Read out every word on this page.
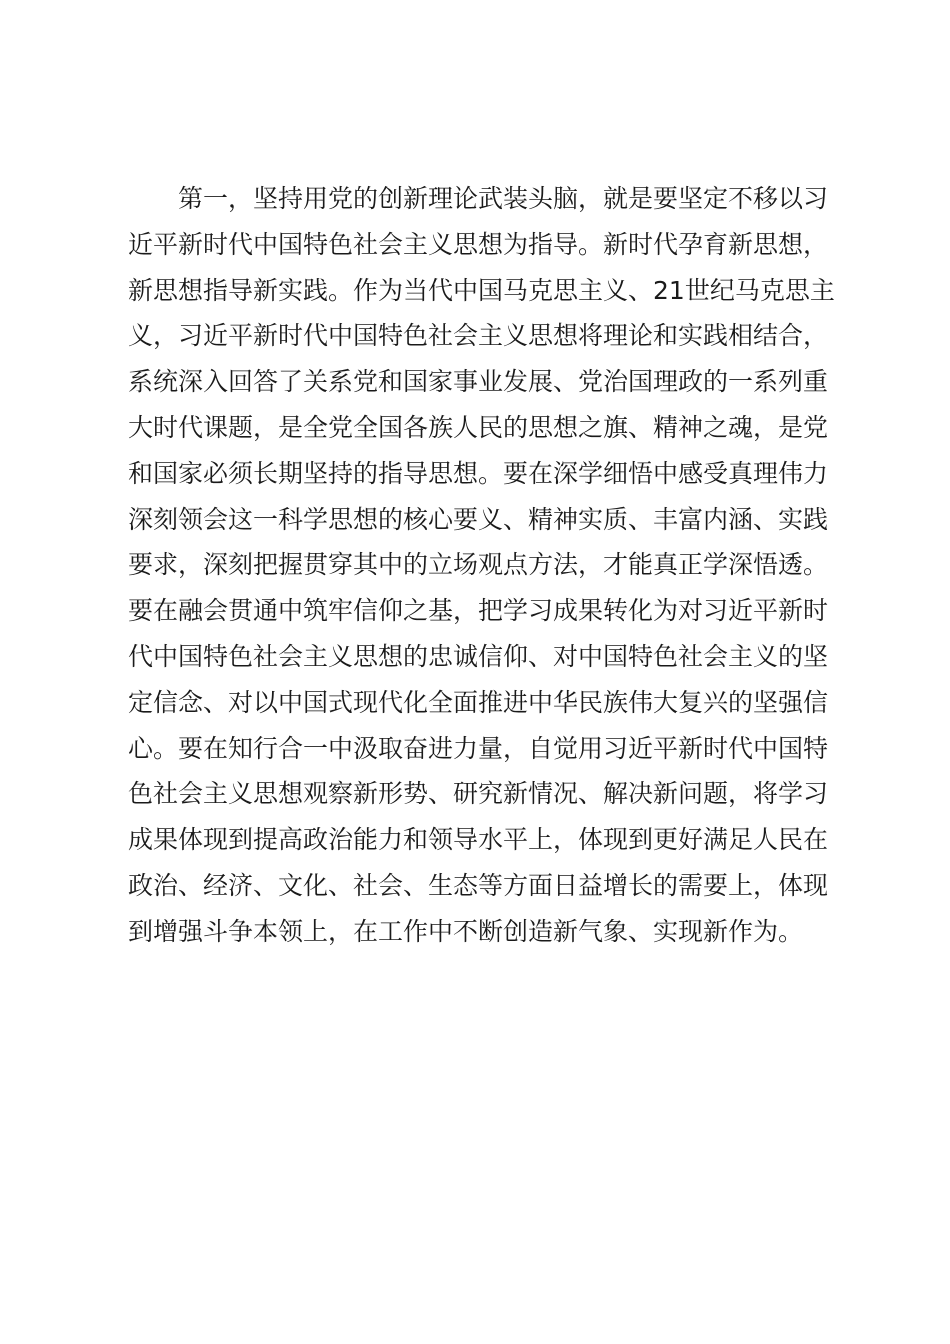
　　第一，坚持用党的创新理论武装头脑，就是要坚定不移以习
近平新时代中国特色社会主义思想为指导。新时代孕育新思想，
新思想指导新实践。作为当代中国马克思主义、21世纪马克思主
义，习近平新时代中国特色社会主义思想将理论和实践相结合，
系统深入回答了关系党和国家事业发展、党治国理政的一系列重
大时代课题，是全党全国各族人民的思想之旗、精神之魂，是党
和国家必须长期坚持的指导思想。要在深学细悟中感受真理伟力
深刻领会这一科学思想的核心要义、精神实质、丰富内涵、实践
要求，深刻把握贯穿其中的立场观点方法，才能真正学深悟透。
要在融会贯通中筑牢信仰之基，把学习成果转化为对习近平新时
代中国特色社会主义思想的忠诚信仰、对中国特色社会主义的坚
定信念、对以中国式现代化全面推进中华民族伟大复兴的坚强信
心。要在知行合一中汲取奋进力量，自觉用习近平新时代中国特
色社会主义思想观察新形势、研究新情况、解决新问题，将学习
成果体现到提高政治能力和领导水平上，体现到更好满足人民在
政治、经济、文化、社会、生态等方面日益增长的需要上，体现
到增强斗争本领上，在工作中不断创造新气象、实现新作为。
